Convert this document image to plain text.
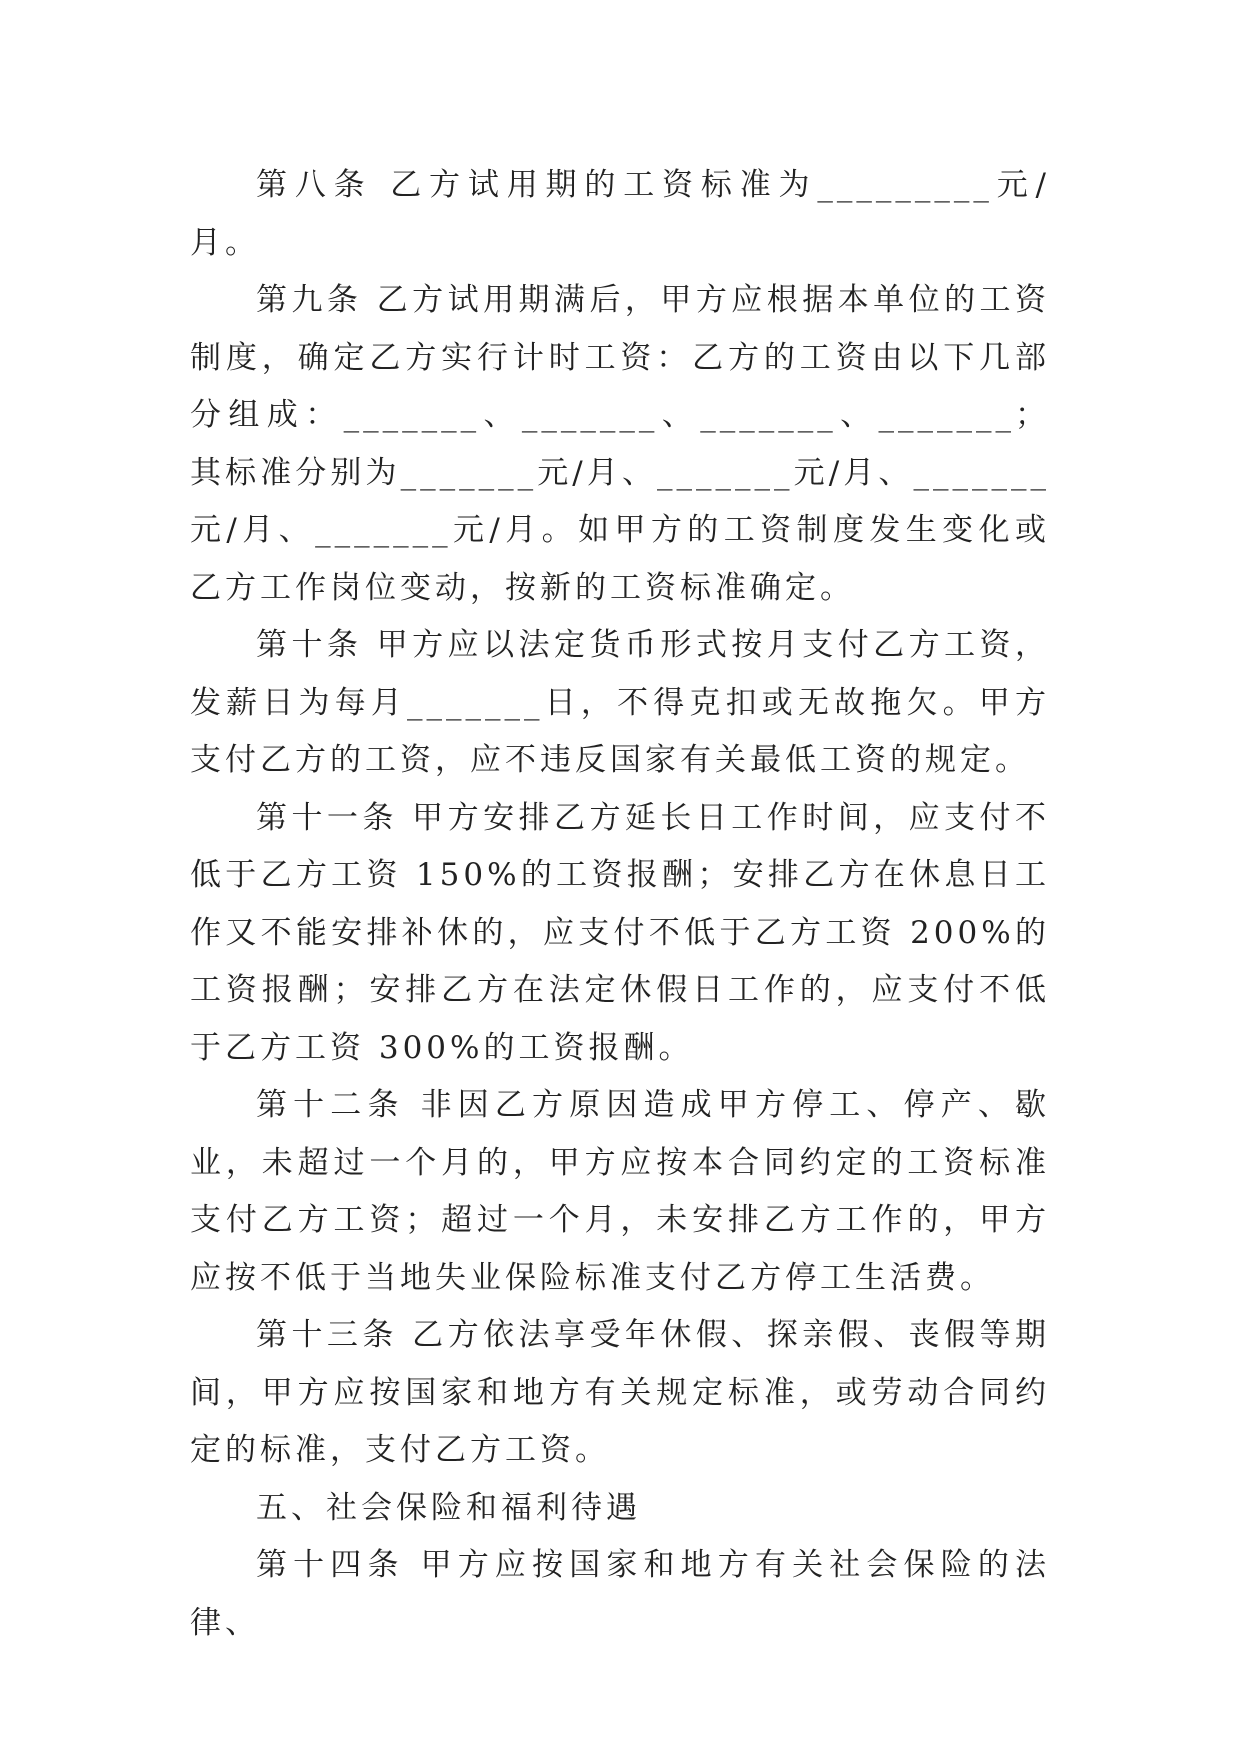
第八条 乙方试用期的工资标准为_________元/月。

第九条 乙方试用期满后，甲方应根据本单位的工资制度，确定乙方实行计时工资：乙方的工资由以下几部分组成：_______、_______、_______、_______；其标准分别为_______元/月、_______元/月、_______元/月、_______元/月。如甲方的工资制度发生变化或乙方工作岗位变动，按新的工资标准确定。

第十条 甲方应以法定货币形式按月支付乙方工资，发薪日为每月_______日，不得克扣或无故拖欠。甲方支付乙方的工资，应不违反国家有关最低工资的规定。

第十一条 甲方安排乙方延长日工作时间，应支付不低于乙方工资 150%的工资报酬；安排乙方在休息日工作又不能安排补休的，应支付不低于乙方工资 200%的工资报酬；安排乙方在法定休假日工作的，应支付不低于乙方工资 300%的工资报酬。

第十二条 非因乙方原因造成甲方停工、停产、歇业，未超过一个月的，甲方应按本合同约定的工资标准支付乙方工资；超过一个月，未安排乙方工作的，甲方应按不低于当地失业保险标准支付乙方停工生活费。

第十三条 乙方依法享受年休假、探亲假、丧假等期间，甲方应按国家和地方有关规定标准，或劳动合同约定的标准，支付乙方工资。

五、社会保险和福利待遇

第十四条 甲方应按国家和地方有关社会保险的法律、
